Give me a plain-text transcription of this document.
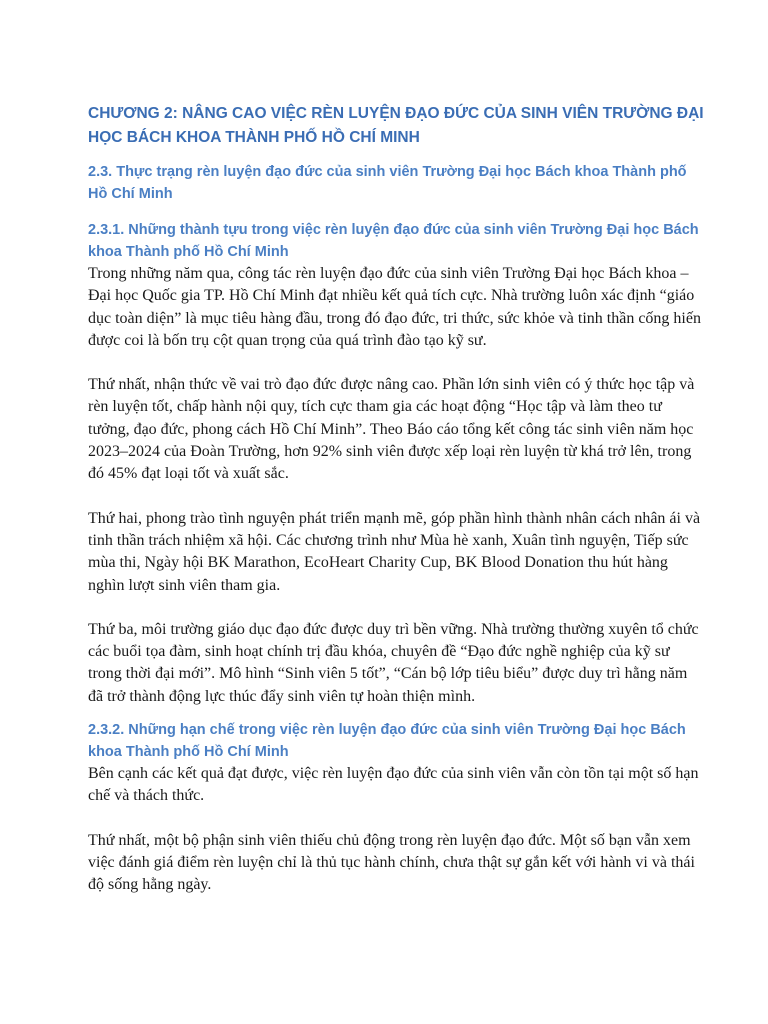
CHƯƠNG 2: NÂNG CAO VIỆC RÈN LUYỆN ĐẠO ĐỨC CỦA SINH VIÊN TRƯỜNG ĐẠI HỌC BÁCH KHOA THÀNH PHỐ HỒ CHÍ MINH
2.3. Thực trạng rèn luyện đạo đức của sinh viên Trường Đại học Bách khoa Thành phố Hồ Chí Minh
2.3.1. Những thành tựu trong việc rèn luyện đạo đức của sinh viên Trường Đại học Bách khoa Thành phố Hồ Chí Minh

Trong những năm qua, công tác rèn luyện đạo đức của sinh viên Trường Đại học Bách khoa – Đại học Quốc gia TP. Hồ Chí Minh đạt nhiều kết quả tích cực. Nhà trường luôn xác định “giáo dục toàn diện” là mục tiêu hàng đầu, trong đó đạo đức, tri thức, sức khỏe và tinh thần cống hiến được coi là bốn trụ cột quan trọng của quá trình đào tạo kỹ sư.

Thứ nhất, nhận thức về vai trò đạo đức được nâng cao. Phần lớn sinh viên có ý thức học tập và rèn luyện tốt, chấp hành nội quy, tích cực tham gia các hoạt động “Học tập và làm theo tư tưởng, đạo đức, phong cách Hồ Chí Minh”. Theo Báo cáo tổng kết công tác sinh viên năm học 2023–2024 của Đoàn Trường, hơn 92% sinh viên được xếp loại rèn luyện từ khá trở lên, trong đó 45% đạt loại tốt và xuất sắc.

Thứ hai, phong trào tình nguyện phát triển mạnh mẽ, góp phần hình thành nhân cách nhân ái và tinh thần trách nhiệm xã hội. Các chương trình như Mùa hè xanh, Xuân tình nguyện, Tiếp sức mùa thi, Ngày hội BK Marathon, EcoHeart Charity Cup, BK Blood Donation thu hút hàng nghìn lượt sinh viên tham gia.

Thứ ba, môi trường giáo dục đạo đức được duy trì bền vững. Nhà trường thường xuyên tổ chức các buổi tọa đàm, sinh hoạt chính trị đầu khóa, chuyên đề “Đạo đức nghề nghiệp của kỹ sư trong thời đại mới”. Mô hình “Sinh viên 5 tốt”, “Cán bộ lớp tiêu biểu” được duy trì hằng năm đã trở thành động lực thúc đẩy sinh viên tự hoàn thiện mình.

2.3.2. Những hạn chế trong việc rèn luyện đạo đức của sinh viên Trường Đại học Bách khoa Thành phố Hồ Chí Minh

Bên cạnh các kết quả đạt được, việc rèn luyện đạo đức của sinh viên vẫn còn tồn tại một số hạn chế và thách thức.

Thứ nhất, một bộ phận sinh viên thiếu chủ động trong rèn luyện đạo đức. Một số bạn vẫn xem việc đánh giá điểm rèn luyện chỉ là thủ tục hành chính, chưa thật sự gắn kết với hành vi và thái độ sống hằng ngày.
